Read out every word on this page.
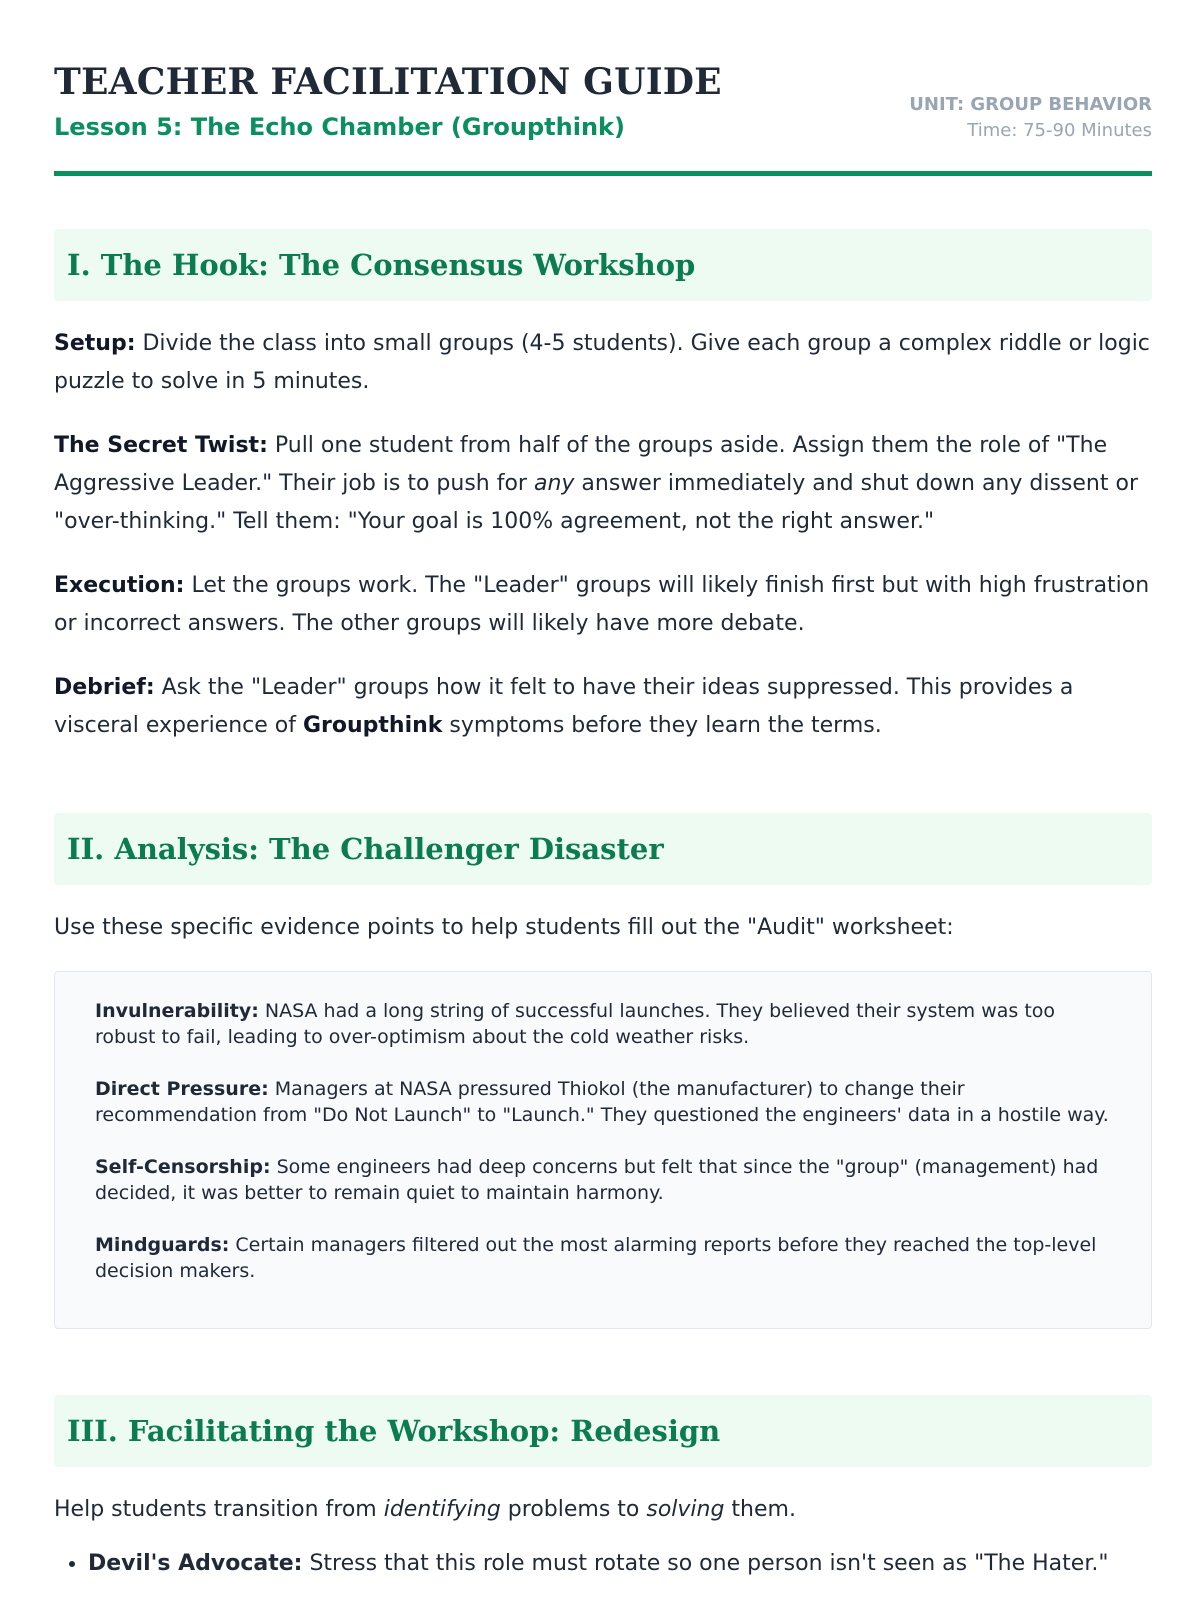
TEACHER FACILITATION GUIDE
Lesson 5: The Echo Chamber (Groupthink)
UNIT: GROUP BEHAVIOR
Time: 75-90 Minutes
I. The Hook: The Consensus Workshop

Setup: Divide the class into small groups (4-5 students). Give each group a complex riddle or logic puzzle to solve in 5 minutes.

The Secret Twist: Pull one student from half of the groups aside. Assign them the role of "The Aggressive Leader." Their job is to push for any answer immediately and shut down any dissent or "over-thinking." Tell them: "Your goal is 100% agreement, not the right answer."

Execution: Let the groups work. The "Leader" groups will likely finish first but with high frustration or incorrect answers. The other groups will likely have more debate.

Debrief: Ask the "Leader" groups how it felt to have their ideas suppressed. This provides a visceral experience of Groupthink symptoms before they learn the terms.

II. Analysis: The Challenger Disaster

Use these specific evidence points to help students fill out the "Audit" worksheet:

Invulnerability: NASA had a long string of successful launches. They believed their system was too robust to fail, leading to over-optimism about the cold weather risks.
Direct Pressure: Managers at NASA pressured Thiokol (the manufacturer) to change their recommendation from "Do Not Launch" to "Launch." They questioned the engineers' data in a hostile way.
Self-Censorship: Some engineers had deep concerns but felt that since the "group" (management) had decided, it was better to remain quiet to maintain harmony.
Mindguards: Certain managers filtered out the most alarming reports before they reached the top-level decision makers.
III. Facilitating the Workshop: Redesign

Help students transition from identifying problems to solving them.

• Devil's Advocate: Stress that this role must rotate so one person isn't seen as "The Hater."
